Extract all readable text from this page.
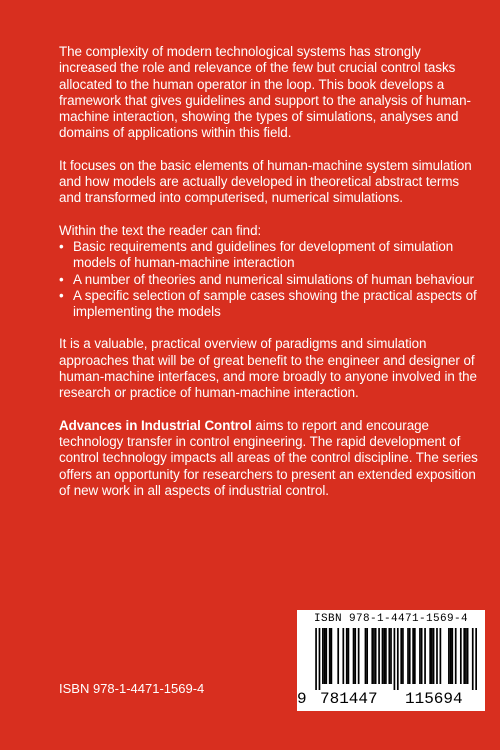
The complexity of modern technological systems has strongly increased the role and relevance of the few but crucial control tasks allocated to the human operator in the loop. This book develops a framework that gives guidelines and support to the analysis of human-machine interaction, showing the types of simulations, analyses and domains of applications within this field.

It focuses on the basic elements of human-machine system simulation and how models are actually developed in theoretical abstract terms and transformed into computerised, numerical simulations.

Within the text the reader can find:

• Basic requirements and guidelines for development of simulation models of human-machine interaction
• A number of theories and numerical simulations of human behaviour
• A specific selection of sample cases showing the practical aspects of implementing the models

It is a valuable, practical overview of paradigms and simulation approaches that will be of great benefit to the engineer and designer of human-machine interfaces, and more broadly to anyone involved in the research or practice of human-machine interaction.

Advances in Industrial Control aims to report and encourage technology transfer in control engineering. The rapid development of control technology impacts all areas of the control discipline. The series offers an opportunity for researchers to present an extended exposition of new work in all aspects of industrial control.

ISBN 978-1-4471-1569-4
9 781447 115694
ISBN 978-1-4471-1569-4
